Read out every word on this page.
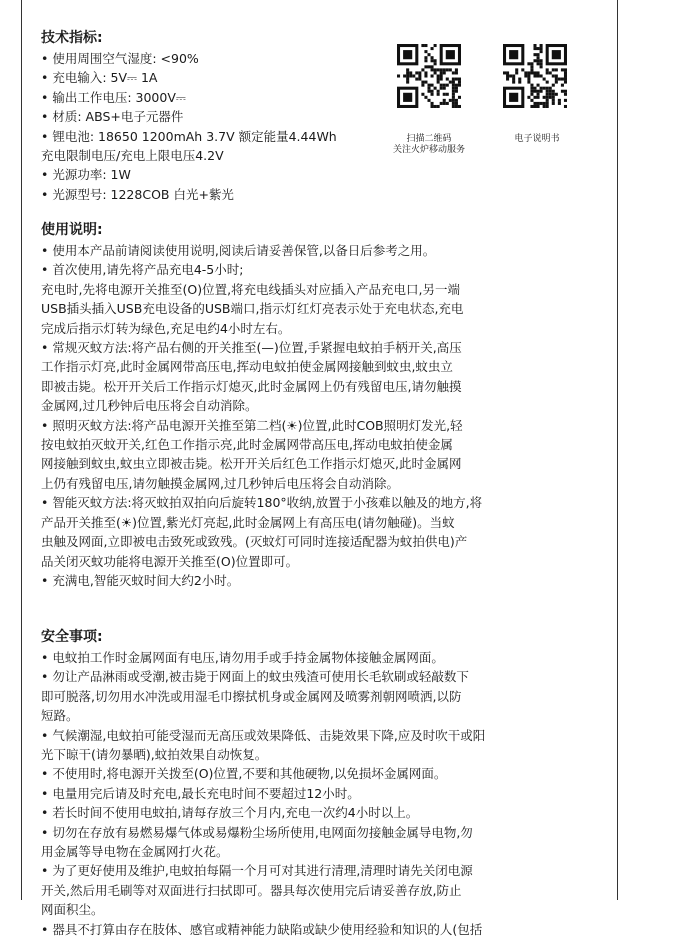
技术指标:
• 使用周围空气湿度: <90%
• 充电输入: 5V⎓ 1A
• 输出工作电压: 3000V⎓
• 材质: ABS+电子元器件
• 锂电池: 18650 1200mAh 3.7V 额定能量4.44Wh
充电限制电压/充电上限电压4.2V
• 光源功率: 1W
• 光源型号: 1228COB 白光+紫光
扫描二维码
关注火炉移动服务
电子说明书
使用说明:
• 使用本产品前请阅读使用说明,阅读后请妥善保管,以备日后参考之用。
• 首次使用,请先将产品充电4-5小时;
充电时,先将电源开关推至(O)位置,将充电线插头对应插入产品充电口,另一端
USB插头插入USB充电设备的USB端口,指示灯红灯亮表示处于充电状态,充电
完成后指示灯转为绿色,充足电约4小时左右。
• 常规灭蚊方法:将产品右侧的开关推至(—)位置,手紧握电蚊拍手柄开关,高压
工作指示灯亮,此时金属网带高压电,挥动电蚊拍使金属网接触到蚊虫,蚊虫立
即被击毙。松开开关后工作指示灯熄灭,此时金属网上仍有残留电压,请勿触摸
金属网,过几秒钟后电压将会自动消除。
• 照明灭蚊方法:将产品电源开关推至第二档(☀)位置,此时COB照明灯发光,轻
按电蚊拍灭蚊开关,红色工作指示亮,此时金属网带高压电,挥动电蚊拍使金属
网接触到蚊虫,蚊虫立即被击毙。松开开关后红色工作指示灯熄灭,此时金属网
上仍有残留电压,请勿触摸金属网,过几秒钟后电压将会自动消除。
• 智能灭蚊方法:将灭蚊拍双拍向后旋转180°收纳,放置于小孩难以触及的地方,将
产品开关推至(☀)位置,紫光灯亮起,此时金属网上有高压电(请勿触碰)。当蚊
虫触及网面,立即被电击致死或致残。(灭蚊灯可同时连接适配器为蚊拍供电)产
品关闭灭蚊功能将电源开关推至(O)位置即可。
• 充满电,智能灭蚊时间大约2小时。
安全事项:
• 电蚊拍工作时金属网面有电压,请勿用手或手持金属物体接触金属网面。
• 勿让产品淋雨或受潮,被击毙于网面上的蚊虫残渣可使用长毛软刷或轻敲数下
即可脱落,切勿用水冲洗或用湿毛巾擦拭机身或金属网及喷雾剂朝网喷洒,以防
短路。
• 气候潮湿,电蚊拍可能受湿而无高压或效果降低、击毙效果下降,应及时吹干或阳
光下晾干(请勿暴晒),蚊拍效果自动恢复。
• 不使用时,将电源开关拨至(O)位置,不要和其他硬物,以免损坏金属网面。
• 电量用完后请及时充电,最长充电时间不要超过12小时。
• 若长时间不使用电蚊拍,请每存放三个月内,充电一次约4小时以上。
• 切勿在存放有易燃易爆气体或易爆粉尘场所使用,电网面勿接触金属导电物,勿
用金属等导电物在金属网打火花。
• 为了更好使用及维护,电蚊拍每隔一个月可对其进行清理,清理时请先关闭电源
开关,然后用毛刷等对双面进行扫拭即可。器具每次使用完后请妥善存放,防止
网面积尘。
• 器具不打算由存在肢体、感官或精神能力缺陷或缺少使用经验和知识的人(包括
